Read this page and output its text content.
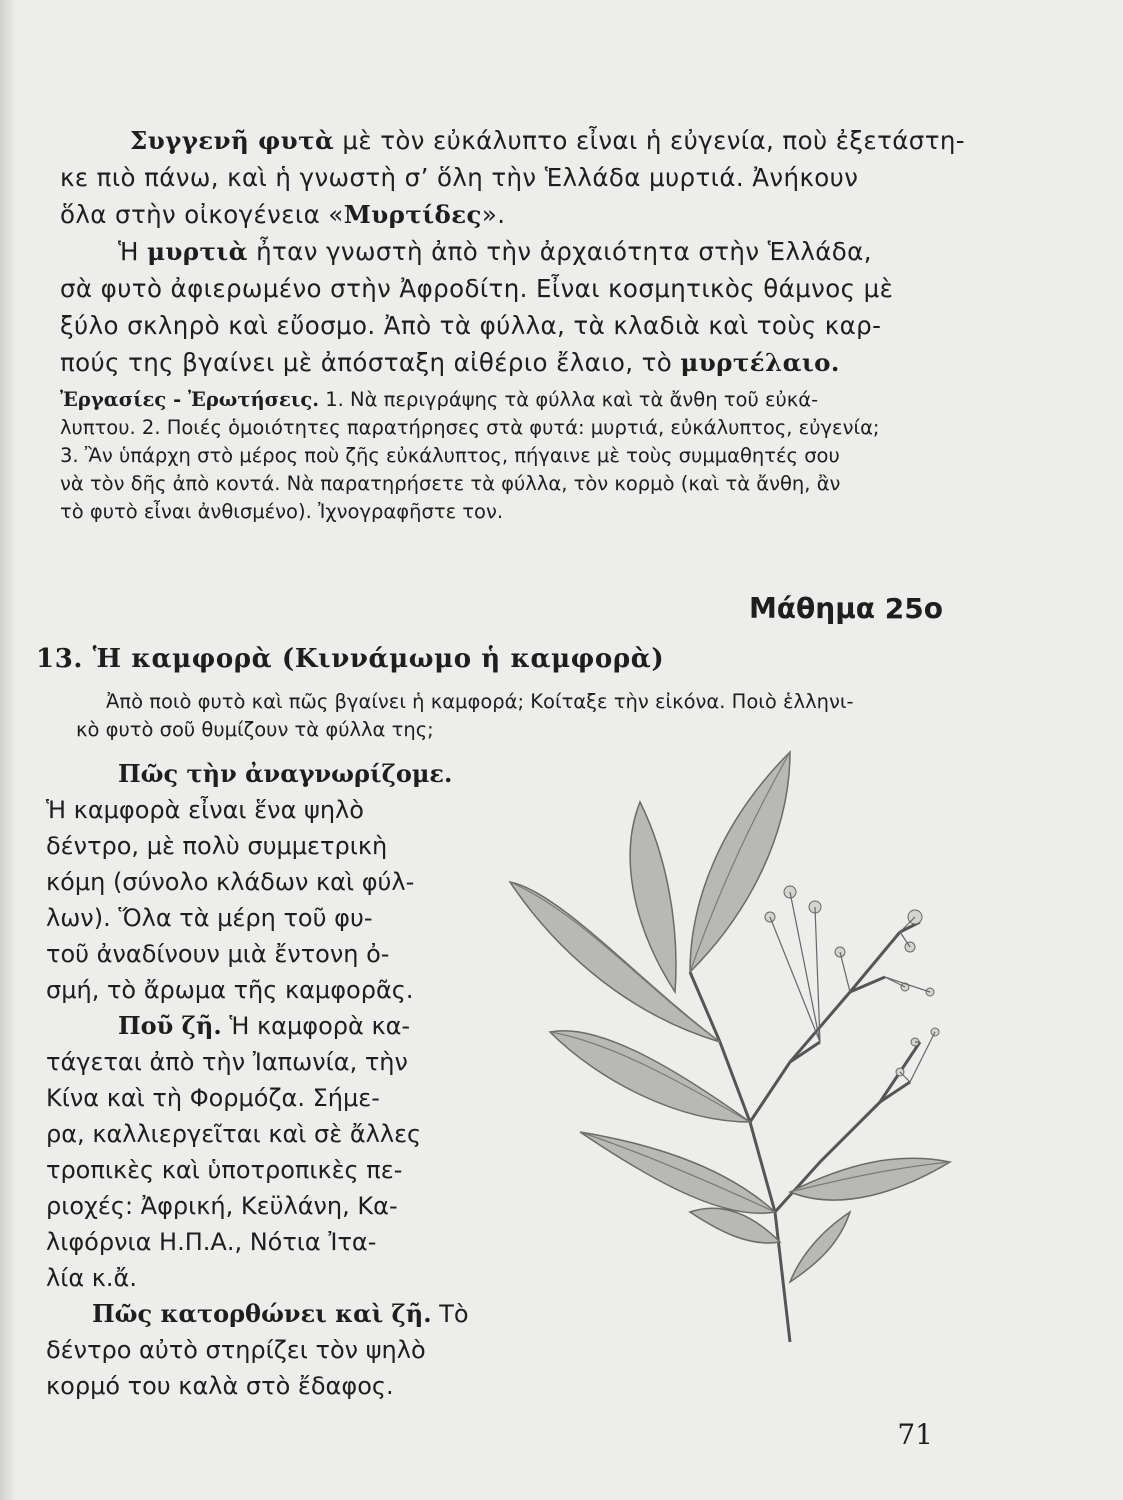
Συγγενῆ φυτὰ μὲ τὸν εὐκάλυπτο εἶναι ἡ εὐγενία, ποὺ ἐξετάστη-
κε πιὸ πάνω, καὶ ἡ γνωστὴ σ’ ὅλη τὴν Ἑλλάδα μυρτιά. Ἀνήκουν
ὅλα στὴν οἰκογένεια «Μυρτίδες».
Ἡ μυρτιὰ ἦταν γνωστὴ ἀπὸ τὴν ἀρχαιότητα στὴν Ἑλλάδα,
σὰ φυτὸ ἀφιερωμένο στὴν Ἀφροδίτη. Εἶναι κοσμητικὸς θάμνος μὲ
ξύλο σκληρὸ καὶ εὔοσμο. Ἀπὸ τὰ φύλλα, τὰ κλαδιὰ καὶ τοὺς καρ-
πούς της βγαίνει μὲ ἀπόσταξη αἰθέριο ἔλαιο, τὸ μυρτέλαιο.
Ἐργασίες - Ἐρωτήσεις. 1. Νὰ περιγράψης τὰ φύλλα καὶ τὰ ἄνθη τοῦ εὐκά-
λυπτου. 2. Ποιές ὁμοιότητες παρατήρησες στὰ φυτά: μυρτιά, εὐκάλυπτος, εὐγενία;
3. Ἂν ὑπάρχη στὸ μέρος ποὺ ζῆς εὐκάλυπτος, πήγαινε μὲ τοὺς συμμαθητές σου
νὰ τὸν δῆς ἀπὸ κοντά. Νὰ παρατηρήσετε τὰ φύλλα, τὸν κορμὸ (καὶ τὰ ἄνθη, ἂν
τὸ φυτὸ εἶναι ἀνθισμένο). Ἰχνογραφῆστε τον.
Μάθημα 25ο
13. Ἡ καμφορὰ (Κιννάμωμο ἡ καμφορὰ)
Ἀπὸ ποιὸ φυτὸ καὶ πῶς βγαίνει ἡ καμφορά; Κοίταξε τὴν εἰκόνα. Ποιὸ ἑλληνι-
κὸ φυτὸ σοῦ θυμίζουν τὰ φύλλα της;
Πῶς τὴν ἀναγνωρίζομε.
Ἡ καμφορὰ εἶναι ἕνα ψηλὸ
δέντρο, μὲ πολὺ συμμετρικὴ
κόμη (σύνολο κλάδων καὶ φύλ-
λων). Ὅλα τὰ μέρη τοῦ φυ-
τοῦ ἀναδίνουν μιὰ ἔντονη ὀ-
σμή, τὸ ἄρωμα τῆς καμφορᾶς.
Ποῦ ζῆ. Ἡ καμφορὰ κα-
τάγεται ἀπὸ τὴν Ἰαπωνία, τὴν
Κίνα καὶ τὴ Φορμόζα. Σήμε-
ρα, καλλιεργεῖται καὶ σὲ ἄλλες
τροπικὲς καὶ ὑποτροπικὲς πε-
ριοχές: Ἀφρική, Κεϋλάνη, Κα-
λιφόρνια Η.Π.Α., Νότια Ἰτα-
λία κ.ἄ.
Πῶς κατορθώνει καὶ ζῆ. Τὸ
δέντρο αὐτὸ στηρίζει τὸν ψηλὸ
κορμό του καλὰ στὸ ἔδαφος.
71
